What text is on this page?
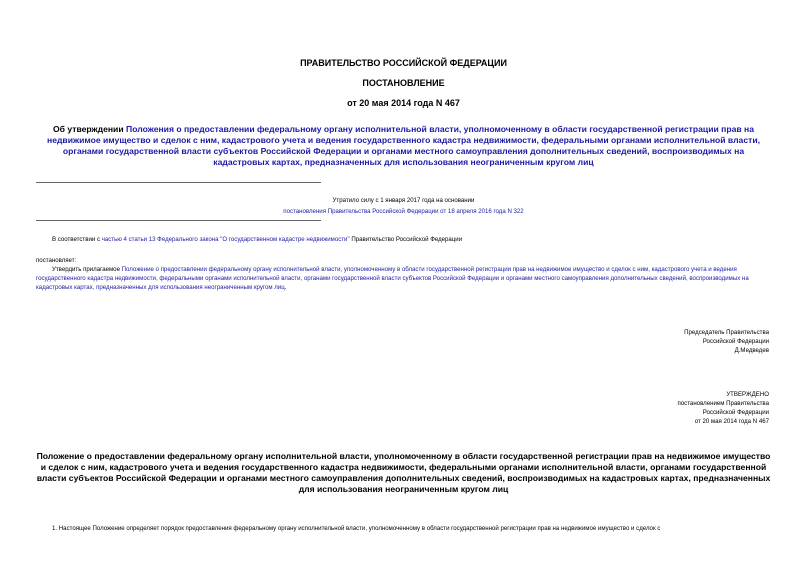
ПРАВИТЕЛЬСТВО РОССИЙСКОЙ ФЕДЕРАЦИИ
ПОСТАНОВЛЕНИЕ
от 20 мая 2014 года N 467
Об утверждении Положения о предоставлении федеральному органу исполнительной власти, уполномоченному в области государственной регистрации прав на недвижимое имущество и сделок с ним, кадастрового учета и ведения государственного кадастра недвижимости, федеральными органами исполнительной власти, органами государственной власти субъектов Российской Федерации и органами местного самоуправления дополнительных сведений, воспроизводимых на кадастровых картах, предназначенных для использования неограниченным кругом лиц
Утратило силу с 1 января 2017 года на основании
постановления Правительства Российской Федерации от 18 апреля 2016 года N 322
В соответствии с частью 4 статьи 13 Федерального закона "О государственном кадастре недвижимости" Правительство Российской Федерации
постановляет:
Утвердить прилагаемое Положение о предоставлении федеральному органу исполнительной власти, уполномоченному в области государственной регистрации прав на недвижимое имущество и сделок с ним, кадастрового учета и ведения государственного кадастра недвижимости, федеральными органами исполнительной власти, органами государственной власти субъектов Российской Федерации и органами местного самоуправления дополнительных сведений, воспроизводимых на кадастровых картах, предназначенных для использования неограниченным кругом лиц.
Председатель Правительства
Российской Федерации
Д.Медведев
УТВЕРЖДЕНО
постановлением Правительства
Российской Федерации
от 20 мая 2014 года N 467
Положение о предоставлении федеральному органу исполнительной власти, уполномоченному в области государственной регистрации прав на недвижимое имущество и сделок с ним, кадастрового учета и ведения государственного кадастра недвижимости, федеральными органами исполнительной власти, органами государственной власти субъектов Российской Федерации и органами местного самоуправления дополнительных сведений, воспроизводимых на кадастровых картах, предназначенных для использования неограниченным кругом лиц
1. Настоящее Положение определяет порядок предоставления федеральному органу исполнительной власти, уполномоченному в области государственной регистрации прав на недвижимое имущество и сделок с
